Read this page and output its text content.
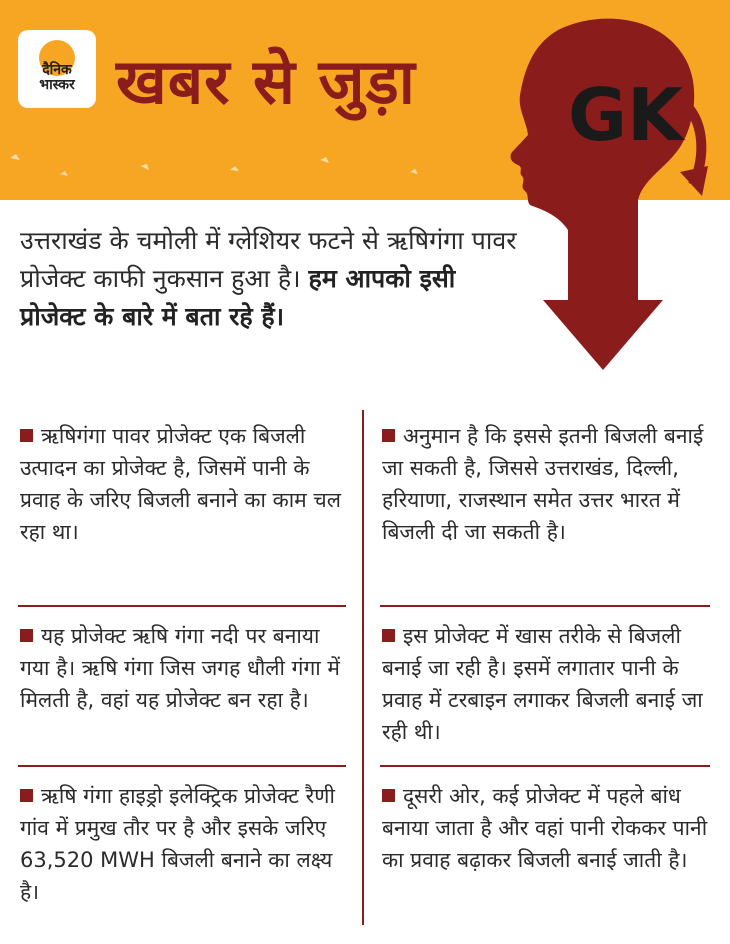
दैनिक
भास्कर खबर से जुड़ा GK
उत्तराखंड के चमोली में ग्लेशियर फटने से ऋषिगंगा पावर प्रोजेक्ट काफी नुकसान हुआ है। हम आपको इसी प्रोजेक्ट के बारे में बता रहे हैं।
ऋषिगंगा पावर प्रोजेक्ट एक बिजली उत्पादन का प्रोजेक्ट है, जिसमें पानी के प्रवाह के जरिए बिजली बनाने का काम चल रहा था।
यह प्रोजेक्ट ऋषि गंगा नदी पर बनाया गया है। ऋषि गंगा जिस जगह धौली गंगा में मिलती है, वहां यह प्रोजेक्ट बन रहा है।
ऋषि गंगा हाइड्रो इलेक्ट्रिक प्रोजेक्ट रैणी गांव में प्रमुख तौर पर है और इसके जरिए 63,520 MWH बिजली बनाने का लक्ष्य है।
अनुमान है कि इससे इतनी बिजली बनाई जा सकती है, जिससे उत्तराखंड, दिल्ली, हरियाणा, राजस्थान समेत उत्तर भारत में बिजली दी जा सकती है।
इस प्रोजेक्ट में खास तरीके से बिजली बनाई जा रही है। इसमें लगातार पानी के प्रवाह में टरबाइन लगाकर बिजली बनाई जा रही थी।
दूसरी ओर, कई प्रोजेक्ट में पहले बांध बनाया जाता है और वहां पानी रोककर पानी का प्रवाह बढ़ाकर बिजली बनाई जाती है।
